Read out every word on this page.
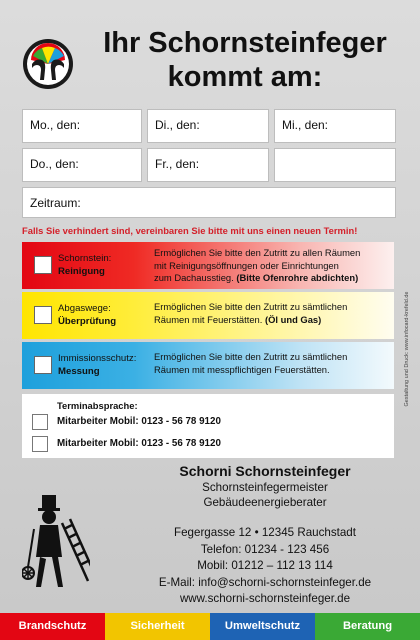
Ihr Schornsteinfeger
kommt am:
Mo., den:	Di., den:	Mi., den:
Do., den:	Fr., den:
Zeitraum:
Falls Sie verhindert sind, vereinbaren Sie bitte mit uns einen neuen Termin!
Schornstein:
Reinigung
Ermöglichen Sie bitte den Zutritt zu allen Räumen
mit Reinigungsöffnungen oder Einrichtungen
zum Dachausstieg. (Bitte Ofenrohre abdichten)
Abgaswege:
Überprüfung
Ermöglichen Sie bitte den Zutritt zu sämtlichen
Räumen mit Feuerstätten. (Öl und Gas)
Immissionsschutz:
Messung
Ermöglichen Sie bitte den Zutritt zu sämtlichen
Räumen mit messpflichtigen Feuerstätten.	Gestaltung und Druck: www.infocard-krefeld.de
Terminabsprache:
Mitarbeiter Mobil: 0123 - 56 78 9120
Mitarbeiter Mobil: 0123 - 56 78 9120
Schorni Schornsteinfeger
Schornsteinfegermeister
Gebäudeenergieberater
Fegergasse 12 • 12345 Rauchstadt
Telefon: 01234 - 123 456
Mobil: 01212 – 112 13 114
E-Mail: info@schorni-schornsteinfeger.de
www.schorni-schornsteinfeger.de
Brandschutz	Sicherheit	Umweltschutz	Beratung
